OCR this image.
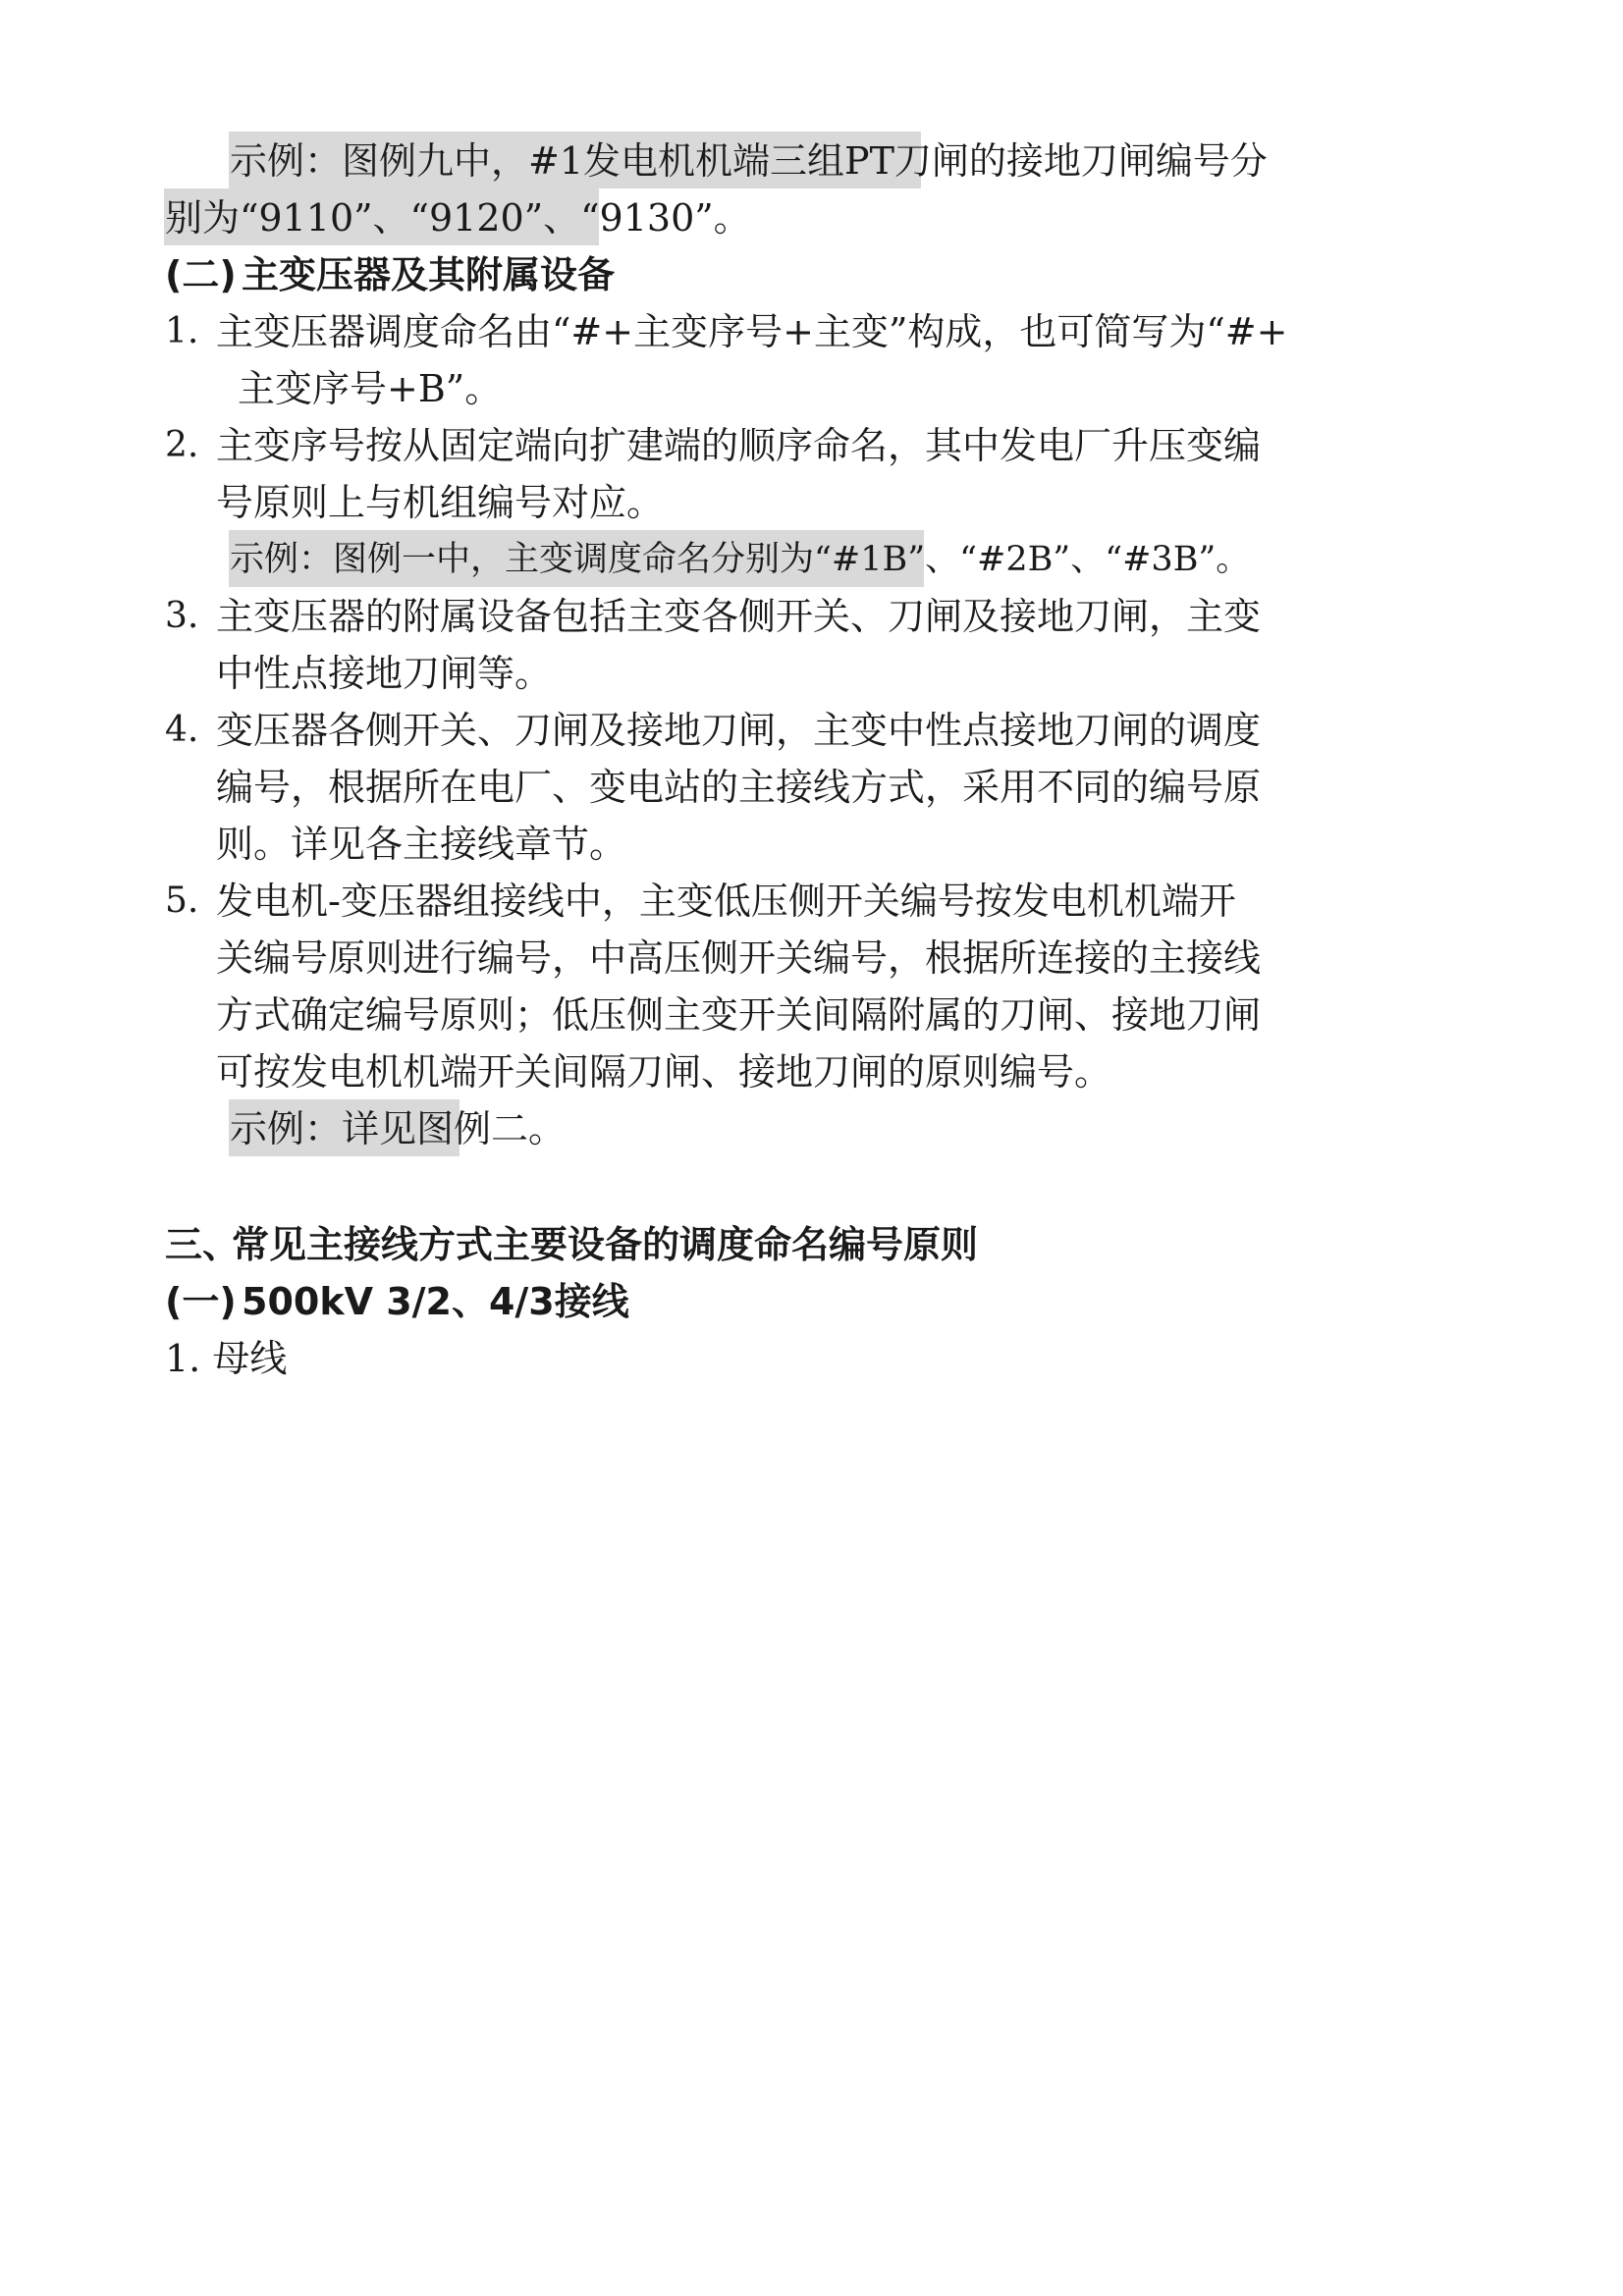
示例：图例九中，#1发电机机端三组PT刀闸的接地刀闸编号分
别为“9110”、“9120”、“9130”。
(二) 主变压器及其附属设备
1. 主变压器调度命名由“#+主变序号+主变”构成，也可简写为“#+
主变序号+B”。
2. 主变序号按从固定端向扩建端的顺序命名，其中发电厂升压变编
号原则上与机组编号对应。
示例：图例一中，主变调度命名分别为“#1B”、“#2B”、“#3B”。
3. 主变压器的附属设备包括主变各侧开关、刀闸及接地刀闸，主变
中性点接地刀闸等。
4. 变压器各侧开关、刀闸及接地刀闸，主变中性点接地刀闸的调度
编号，根据所在电厂、变电站的主接线方式，采用不同的编号原
则。详见各主接线章节。
5. 发电机-变压器组接线中，主变低压侧开关编号按发电机机端开
关编号原则进行编号，中高压侧开关编号，根据所连接的主接线
方式确定编号原则；低压侧主变开关间隔附属的刀闸、接地刀闸
可按发电机机端开关间隔刀闸、接地刀闸的原则编号。
示例：详见图例二。
三、
常见主接线方式主要设备的调度命名编号原则
(一) 500kV 3/2、4/3接线
1. 母线
